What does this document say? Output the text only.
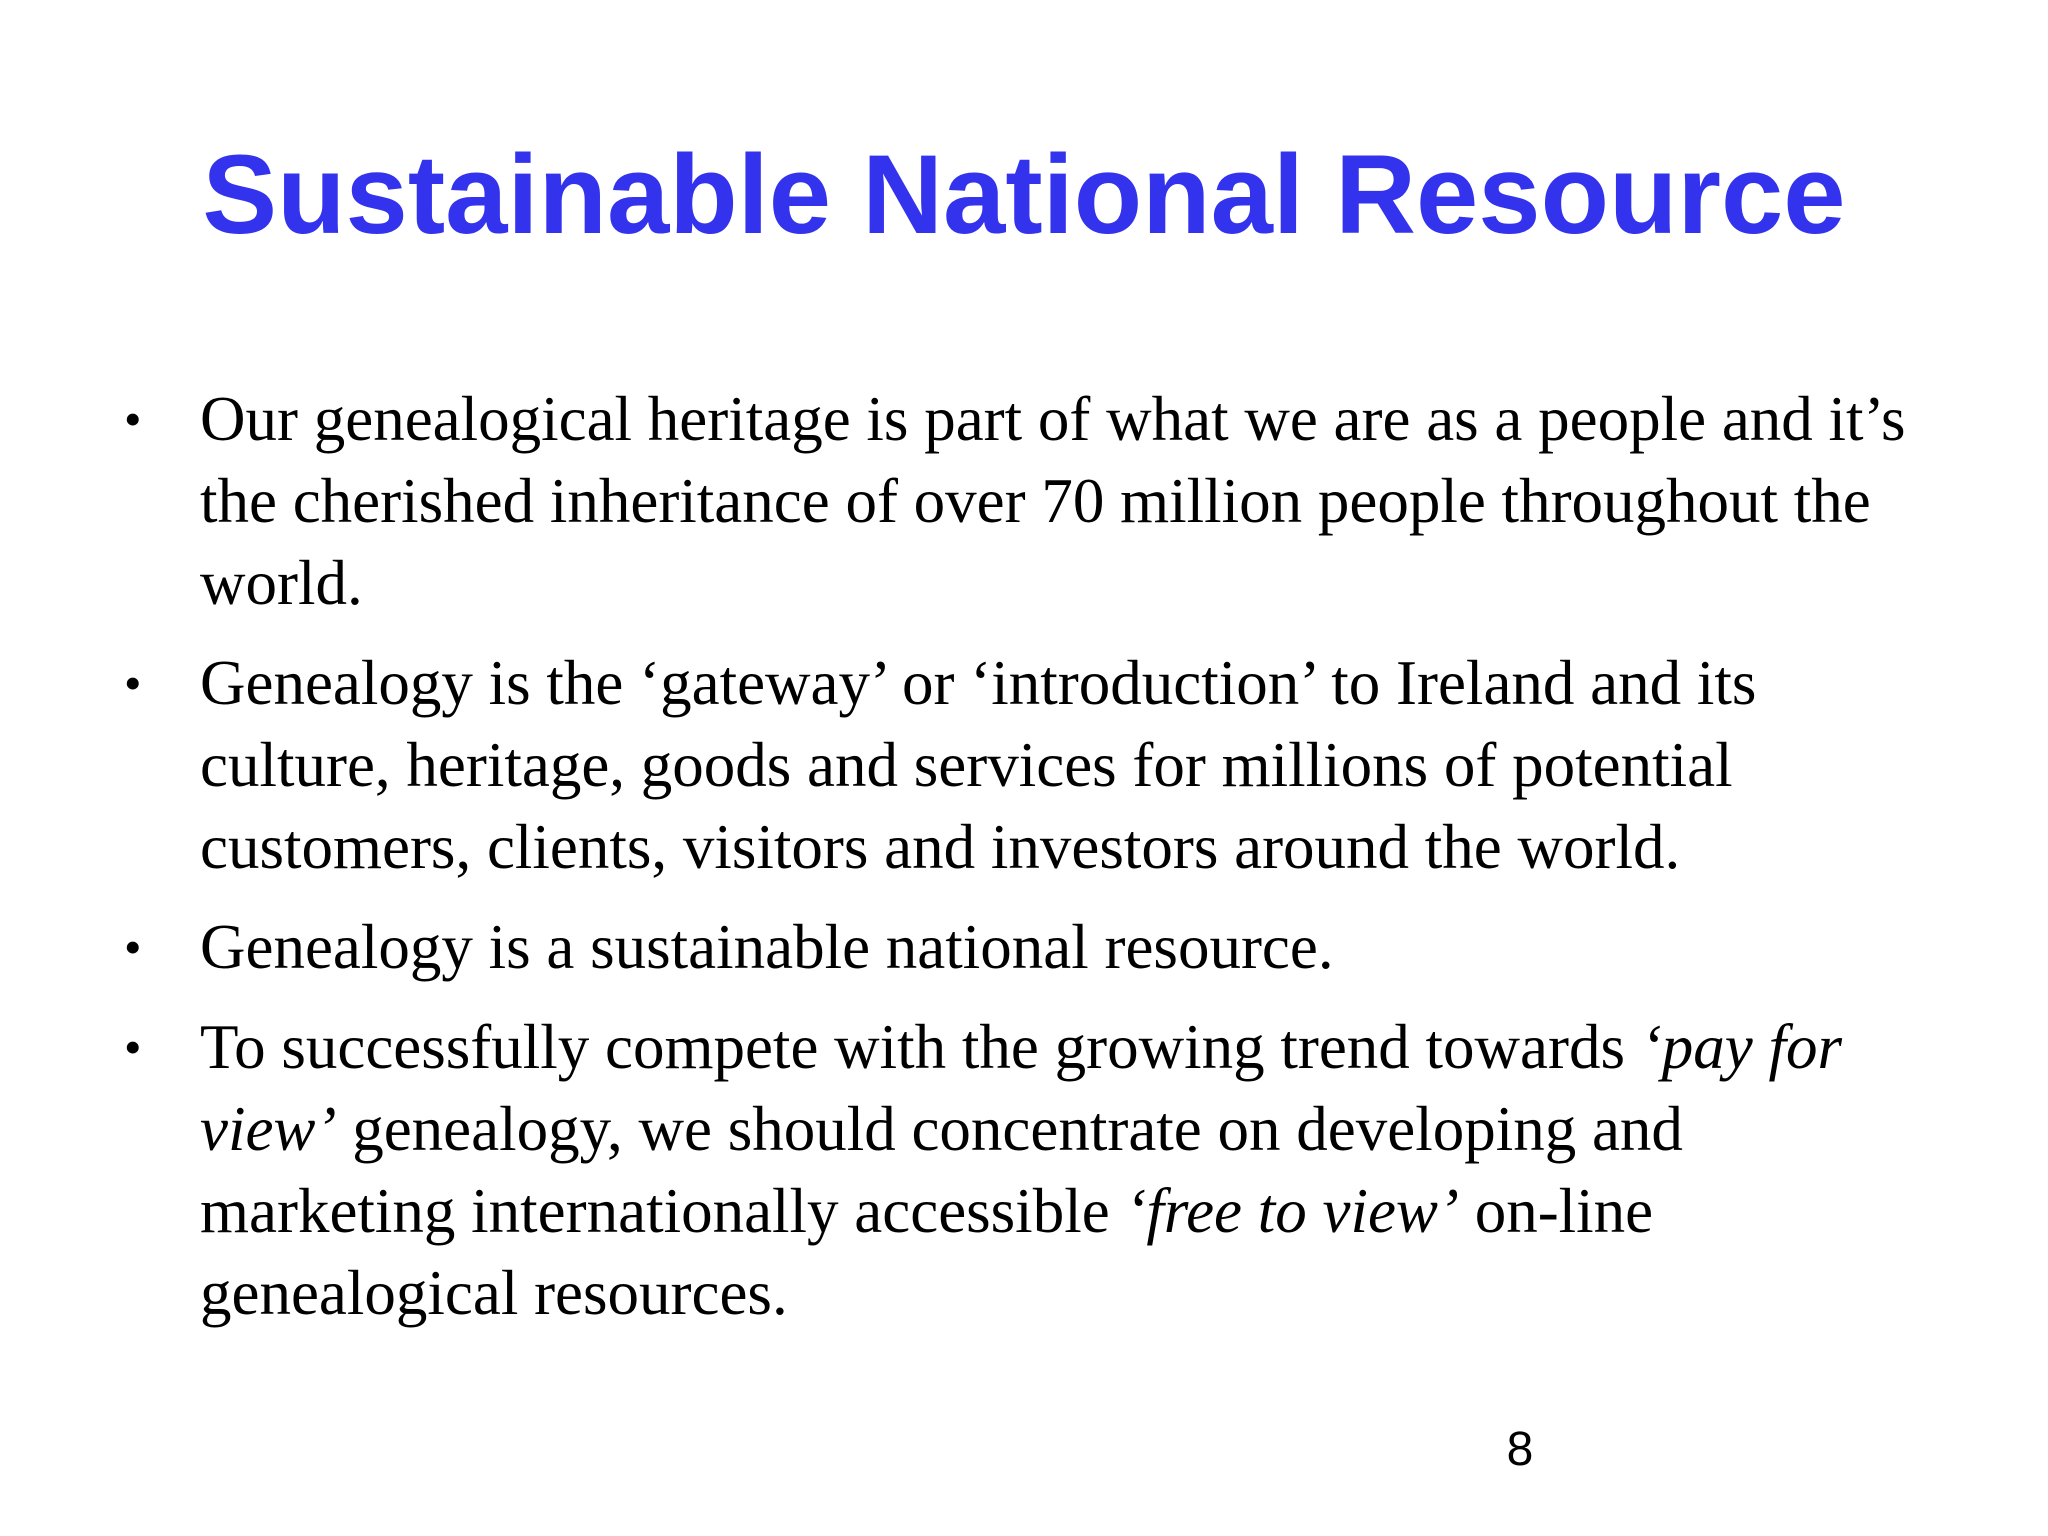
Sustainable National Resource
• Our genealogical heritage is part of what we are as a people and it’s the cherished inheritance of over 70 million people throughout the world.
• Genealogy is the ‘gateway’ or ‘introduction’ to Ireland and its culture, heritage, goods and services for millions of potential customers, clients, visitors and investors around the world.
• Genealogy is a sustainable national resource.
• To successfully compete with the growing trend towards ‘pay for view’ genealogy, we should concentrate on developing and marketing internationally accessible ‘free to view’ on-line genealogical resources.
8
